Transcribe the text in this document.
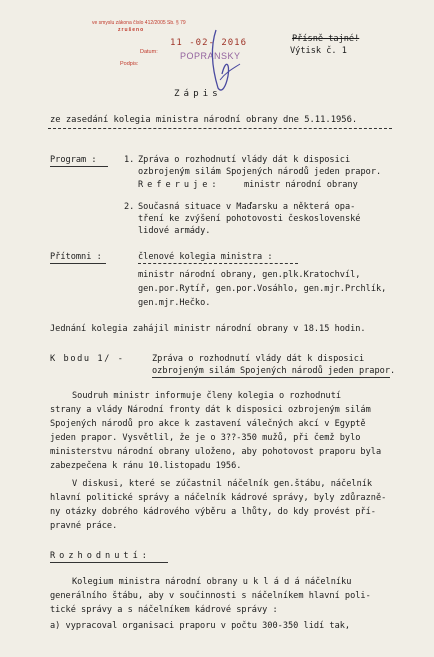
ve smyslu zákona číslo 412/2005 Sb. § 79
zrušeno
11 -02- 2016
Datum:
Podpis:
POPRANSKY
Přísně tajné!
Výtisk č. 1
Zápis
ze zasedání kolegia ministra národní obrany dne 5.11.1956.
Program :	1. Zpráva o rozhodnutí vlády dát k disposici
ozbrojeným silám Spojených národů jeden prapor.
Referuje:	ministr národní obrany
2. Současná situace v Maďarsku a některá opa-
tření ke zvýšení pohotovosti československé
lidové armády.
Přítomni :	členové kolegia ministra :
ministr národní obrany, gen.plk.Kratochvíl,
gen.por.Rytíř, gen.por.Vosáhlo, gen.mjr.Prchlík,
gen.mjr.Hečko.
Jednání kolegia zahájil ministr národní obrany v 18.15 hodin.
K bodu 1/ -	Zpráva o rozhodnutí vlády dát k disposici
ozbrojeným silám Spojených národů jeden prapor.
Soudruh ministr informuje členy kolegia o rozhodnutí
strany a vlády Národní fronty dát k disposici ozbrojeným silám
Spojených národů pro akce k zastavení válečných akcí v Egyptě
jeden prapor. Vysvětlil, že je o 3??-350 mužů, při čemž bylo
ministerstvu národní obrany uloženo, aby pohotovost praporu byla
zabezpečena k ránu 10.listopadu 1956.
V diskusi, které se zúčastnil náčelník gen.štábu, náčelník
hlavní politické správy a náčelník kádrové správy, byly zdůrazně-
ny otázky dobrého kádrového výběru a lhůty, do kdy provést pří-
pravné práce.
Rozhodnutí:
Kolegium ministra národní obrany u k l á d á náčelníku
generálního štábu, aby v součinnosti s náčelníkem hlavní poli-
tické správy a s náčelníkem kádrové správy :
a) vypracoval organisaci praporu v počtu 300-350 lidí tak,
